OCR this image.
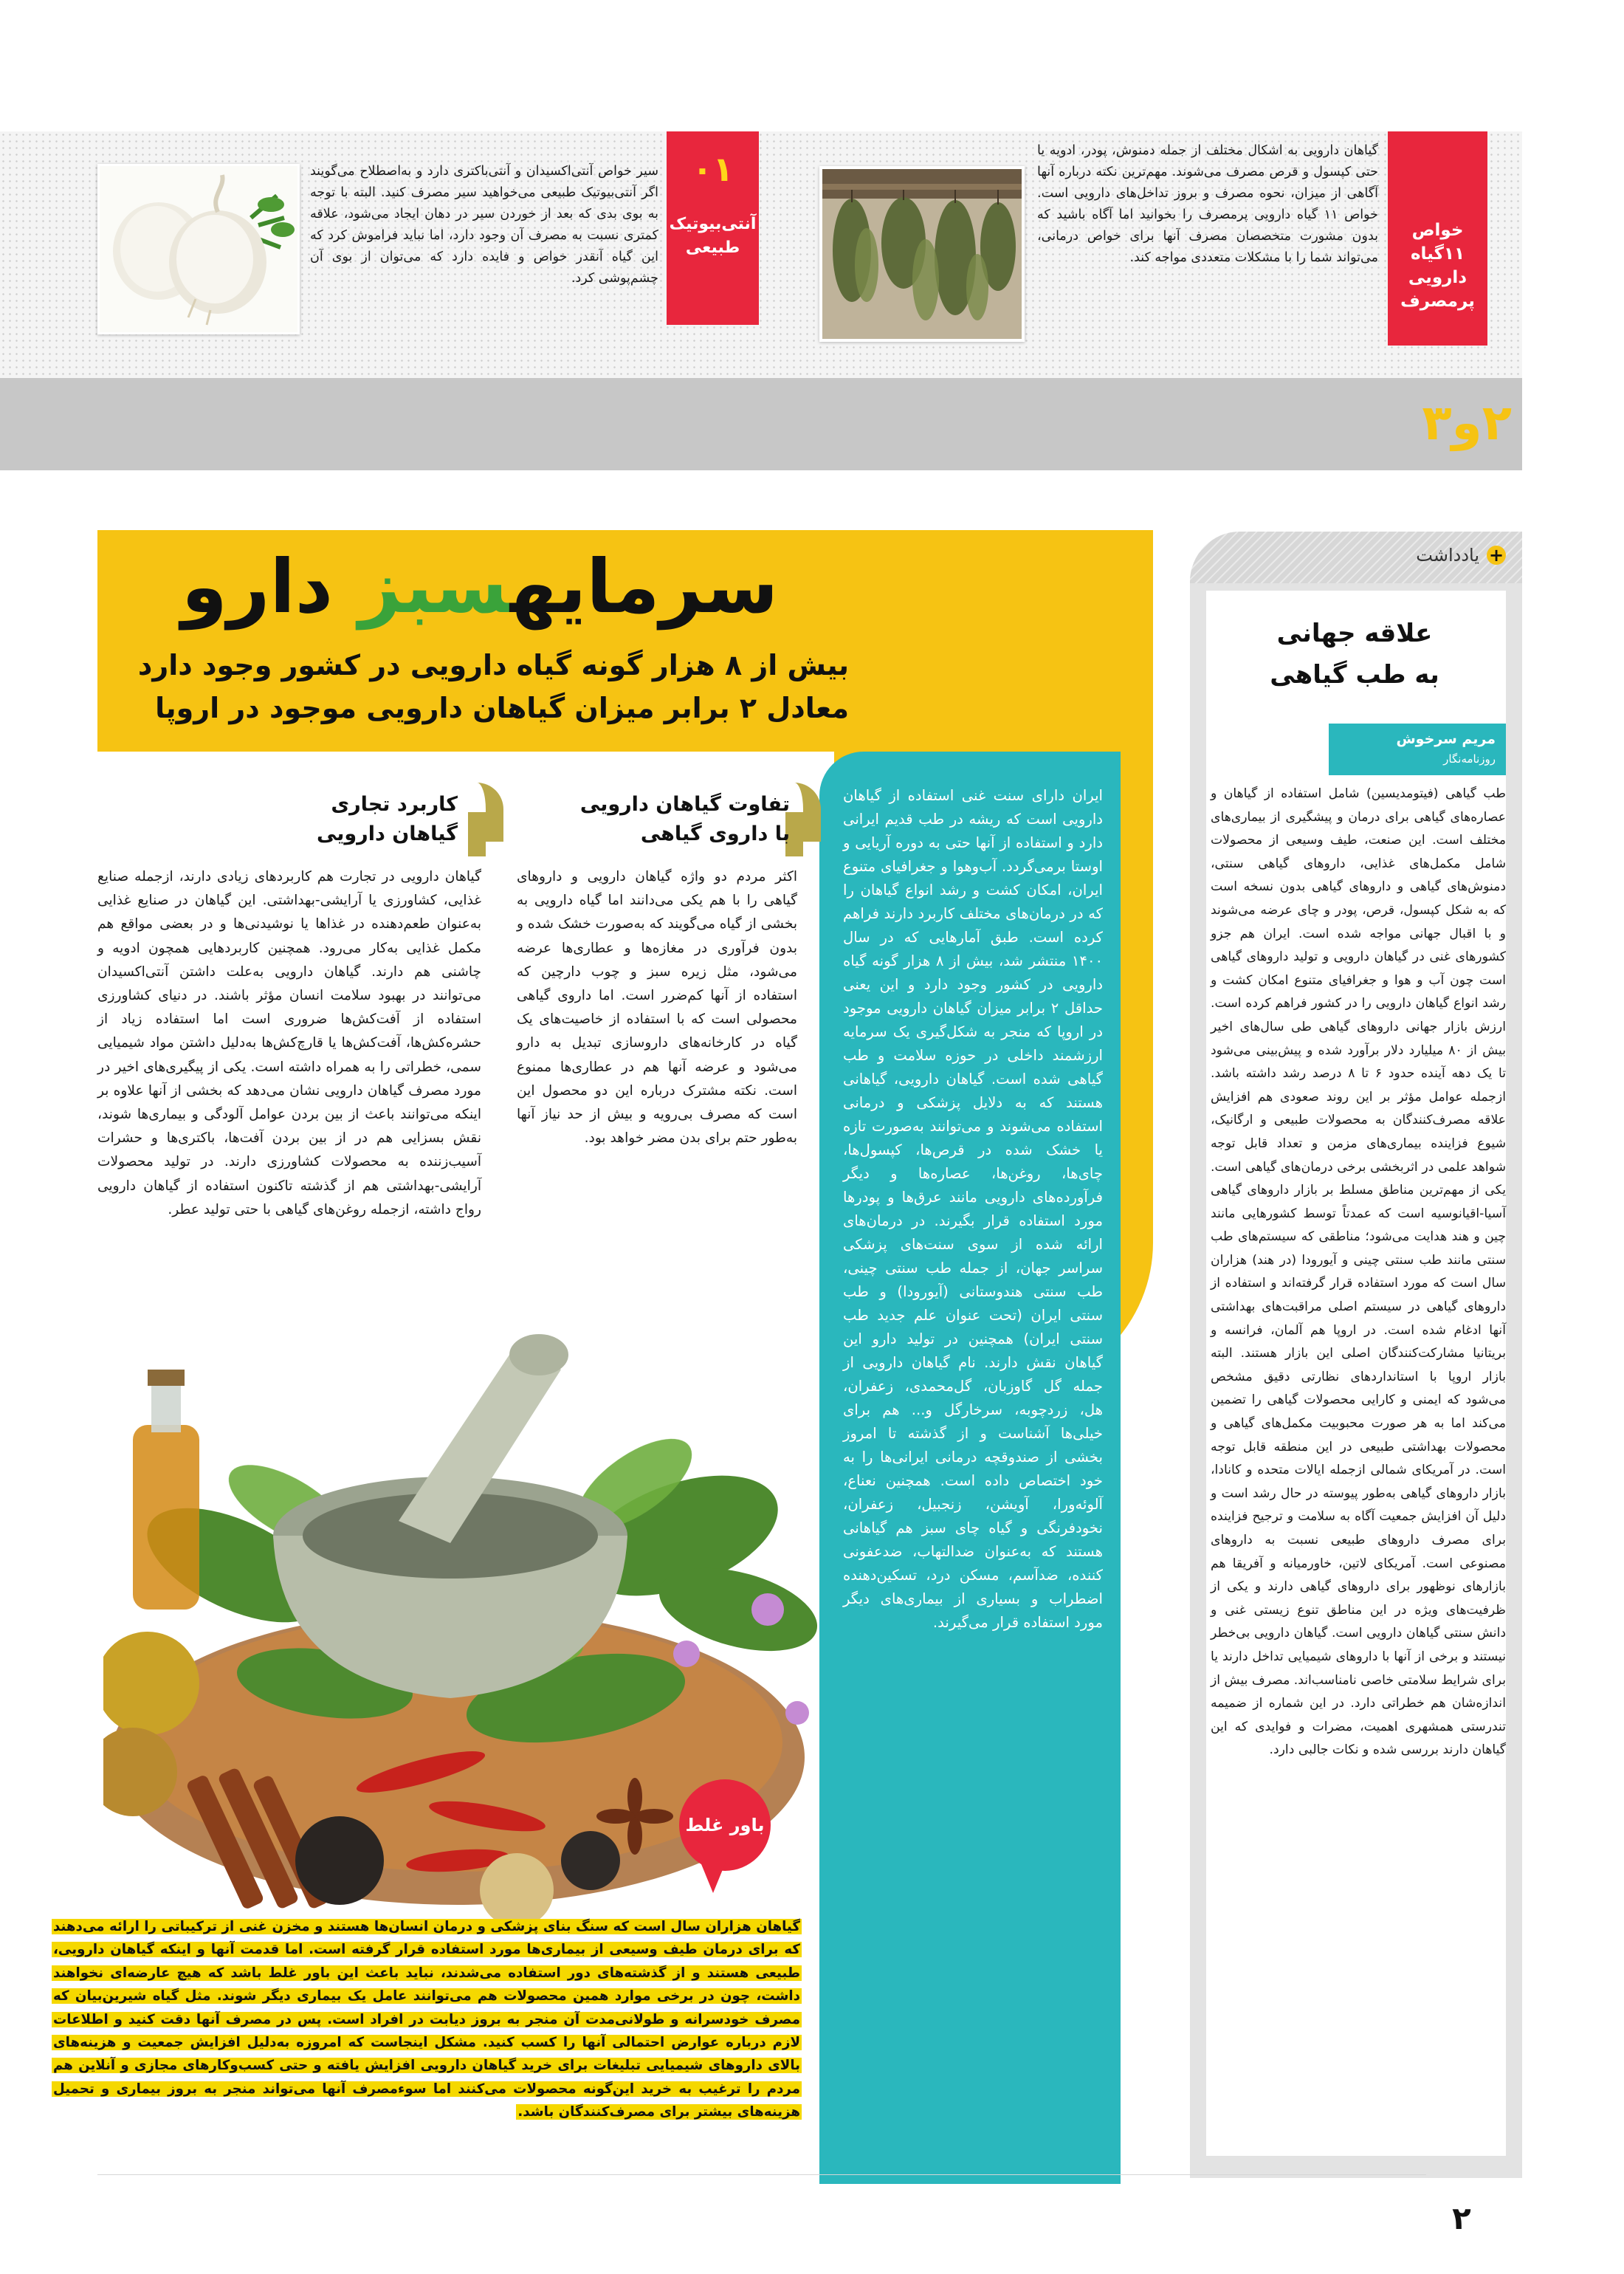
خواص
۱۱گیاه
دارویی
پرمصرف
گیاهان دارویی به اشکال مختلف از جمله دمنوش، پودر، ادویه یا حتی کپسول و قرص مصرف می‌شوند. مهم‌ترین نکته درباره آنها آگاهی از میزان، نحوه مصرف و بروز تداخل‌های دارویی است. خواص ۱۱ گیاه دارویی پرمصرف را بخوانید اما آگاه باشید که بدون مشورت متخصصان مصرف آنها برای خواص درمانی، می‌تواند شما را با مشکلات متعددی مواجه کند.
۰۱
آنتی‌بیوتیک
طبیعی
سیر خواص آنتی‌اکسیدان و آنتی‌باکتری دارد و به‌اصطلاح می‌گویند اگر آنتی‌بیوتیک طبیعی می‌خواهید سیر مصرف کنید. البته با توجه به بوی بدی که بعد از خوردن سیر در دهان ایجاد می‌شود، علاقه کمتری نسبت به مصرف آن وجود دارد، اما نباید فراموش کرد که این گیاه آنقدر خواص و فایده دارد که می‌توان از بوی آن چشم‌پوشی کرد.
۲و۳
+
یادداشت
علاقه جهانی
به طب گیاهی
مریم سرخوش
روزنامه‌نگار
طب گیاهی (فیتومدیسین) شامل استفاده از گیاهان و عصاره‌های گیاهی برای درمان و پیشگیری از بیماری‌های مختلف است. این صنعت، طیف وسیعی از محصولات شامل مکمل‌های غذایی، داروهای گیاهی سنتی، دمنوش‌های گیاهی و داروهای گیاهی بدون نسخه است که به شکل کپسول، قرص، پودر و چای عرضه می‌شوند و با اقبال جهانی مواجه شده است. ایران هم جزو کشورهای غنی در گیاهان دارویی و تولید داروهای گیاهی است چون آب و هوا و جغرافیای متنوع امکان کشت و رشد انواع گیاهان دارویی را در کشور فراهم کرده است. ارزش بازار جهانی داروهای گیاهی طی سال‌های اخیر بیش از ۸۰ میلیارد دلار برآورد شده و پیش‌بینی می‌شود تا یک دهه آینده حدود ۶ تا ۸ درصد رشد داشته باشد. ازجمله عوامل مؤثر بر این روند صعودی هم افزایش علاقه مصرف‌کنندگان به محصولات طبیعی و ارگانیک، شیوع فزاینده بیماری‌های مزمن و تعداد قابل توجه شواهد علمی در اثربخشی برخی درمان‌های گیاهی است. یکی از مهم‌ترین مناطق مسلط بر بازار داروهای گیاهی آسیا-اقیانوسیه است که عمدتاً توسط کشورهایی مانند چین و هند هدایت می‌شود؛ مناطقی که سیستم‌های طب سنتی مانند طب سنتی چینی و آیورودا (در هند) هزاران سال است که مورد استفاده قرار گرفته‌اند و استفاده از داروهای گیاهی در سیستم اصلی مراقبت‌های بهداشتی آنها ادغام شده است. در اروپا هم آلمان، فرانسه و بریتانیا مشارکت‌کنندگان اصلی این بازار هستند. البته بازار اروپا با استانداردهای نظارتی دقیق مشخص می‌شود که ایمنی و کارایی محصولات گیاهی را تضمین می‌کند اما به هر صورت محبوبیت مکمل‌های گیاهی و محصولات بهداشتی طبیعی در این منطقه قابل توجه است. در آمریکای شمالی ازجمله ایالات متحده و کانادا، بازار داروهای گیاهی به‌طور پیوسته در حال رشد است و دلیل آن افزایش جمعیت آگاه به سلامت و ترجیح فزاینده برای مصرف داروهای طبیعی نسبت به داروهای مصنوعی است. آمریکای لاتین، خاورمیانه و آفریقا هم بازارهای نوظهور برای داروهای گیاهی دارند و یکی از ظرفیت‌های ویژه در این مناطق تنوع زیستی غنی و دانش سنتی گیاهان دارویی است. گیاهان دارویی بی‌خطر نیستند و برخی از آنها با داروهای شیمیایی تداخل دارند یا برای شرایط سلامتی خاصی نامناسب‌اند. مصرف بیش از اندازه‌شان هم خطراتی دارد. در این شماره از ضمیمه تندرستی همشهری اهمیت، مضرات و فوایدی که این گیاهان دارند بررسی شده و نکات جالبی دارد.
سرمایهسبز دارو
بیش از ۸ هزار گونه گیاه دارویی در کشور وجود دارد
معادل ۲ برابر میزان گیاهان دارویی موجود در اروپا
ایران دارای سنت غنی استفاده از گیاهان دارویی است که ریشه در طب قدیم ایرانی دارد و استفاده از آنها حتی به دوره آریایی و اوستا برمی‌گردد. آب‌وهوا و جغرافیای متنوع ایران، امکان کشت و رشد انواع گیاهان را که در درمان‌های مختلف کاربرد دارند فراهم کرده است. طبق آمارهایی که در سال ۱۴۰۰ منتشر شد، بیش از ۸ هزار گونه گیاه دارویی در کشور وجود دارد و این یعنی حداقل ۲ برابر میزان گیاهان دارویی موجود در اروپا که منجر به شکل‌گیری یک سرمایه ارزشمند داخلی در حوزه سلامت و طب گیاهی شده است. گیاهان دارویی، گیاهانی هستند که به دلایل پزشکی و درمانی استفاده می‌شوند و می‌توانند به‌صورت تازه یا خشک شده در قرص‌ها، کپسول‌ها، چای‌ها، روغن‌ها، عصاره‌ها و دیگر فرآورده‌های دارویی مانند عرق‌ها و پودرها مورد استفاده قرار بگیرند. در درمان‌های ارائه شده از سوی سنت‌های پزشکی سراسر جهان، از جمله طب سنتی چینی، طب سنتی هندوستانی (آیورودا) و طب سنتی ایران (تحت عنوان علم جدید طب سنتی ایران) همچنین در تولید دارو این گیاهان نقش دارند. نام گیاهان دارویی از جمله گل گاوزبان، گل‌محمدی، زعفران، هل، زردچوبه، سرخارگل و... هم برای خیلی‌ها آشناست و از گذشته تا امروز بخشی از صندوقچه درمانی ایرانی‌ها را به خود اختصاص داده است. همچنین نعناع، آلوئه‌ورا، آویشن، زنجبیل، زعفران، نخودفرنگی و گیاه چای سبز هم گیاهانی هستند که به‌عنوان ضدالتهاب، ضدعفونی کننده، ضدآسم، مسکن درد، تسکین‌دهنده اضطراب و بسیاری از بیماری‌های دیگر مورد استفاده قرار می‌گیرند.
تفاوت گیاهان دارویی
با داروی گیاهی
اکثر مردم دو واژه گیاهان دارویی و داروهای گیاهی را با هم یکی می‌دانند اما گیاه دارویی به بخشی از گیاه می‌گویند که به‌صورت خشک شده و بدون فرآوری در مغازه‌ها و عطاری‌ها عرضه می‌شود، مثل زیره سبز و چوب دارچین که استفاده از آنها کم‌ضرر است. اما داروی گیاهی محصولی است که با استفاده از خاصیت‌های یک گیاه در کارخانه‌های داروسازی تبدیل به دارو می‌شود و عرضه آنها هم در عطاری‌ها ممنوع است. نکته مشترک درباره این دو محصول این است که مصرف بی‌رویه و بیش از حد نیاز آنها به‌طور حتم برای بدن مضر خواهد بود.
کاربرد تجاری
گیاهان دارویی
گیاهان دارویی در تجارت هم کاربردهای زیادی دارند، ازجمله صنایع غذایی، کشاورزی یا آرایشی-بهداشتی. این گیاهان در صنایع غذایی به‌عنوان طعم‌دهنده در غذاها یا نوشیدنی‌ها و در بعضی مواقع هم مکمل غذایی به‌کار می‌رود. همچنین کاربردهایی همچون ادویه و چاشنی هم دارند. گیاهان دارویی به‌علت داشتن آنتی‌اکسیدان می‌توانند در بهبود سلامت انسان مؤثر باشند. در دنیای کشاورزی استفاده از آفت‌کش‌ها ضروری است اما استفاده زیاد از حشره‌کش‌ها، آفت‌کش‌ها یا قارچ‌کش‌ها به‌دلیل داشتن مواد شیمیایی سمی، خطراتی را به همراه داشته است. یکی از پیگیری‌های اخیر در مورد مصرف گیاهان دارویی نشان می‌دهد که بخشی از آنها علاوه بر اینکه می‌توانند باعث از بین بردن عوامل آلودگی و بیماری‌ها شوند، نقش بسزایی هم در از بین بردن آفت‌ها، باکتری‌ها و حشرات آسیب‌زننده به محصولات کشاورزی دارند. در تولید محصولات آرایشی-بهداشتی هم از گذشته تاکنون استفاده از گیاهان دارویی رواج داشته، ازجمله روغن‌های گیاهی با حتی تولید عطر.
باور غلط
گیاهان هزاران سال است که سنگ بنای پزشکی و درمان انسان‌ها هستند و مخزن غنی از ترکیباتی را ارائه می‌دهند که برای درمان طیف وسیعی از بیماری‌ها مورد استفاده قرار گرفته است. اما قدمت آنها و اینکه گیاهان دارویی، طبیعی هستند و از گذشته‌های دور استفاده می‌شدند، نباید باعث این باور غلط باشد که هیچ عارضه‌ای نخواهند داشت، چون در برخی موارد همین محصولات هم می‌توانند عامل یک بیماری دیگر شوند. مثل گیاه شیرین‌بیان که مصرف خودسرانه و طولانی‌مدت آن منجر به بروز دیابت در افراد است. پس در مصرف آنها دقت کنید و اطلاعات لازم درباره عوارض احتمالی آنها را کسب کنید. مشکل اینجاست که امروزه به‌دلیل افزایش جمعیت و هزینه‌های بالای داروهای شیمیایی تبلیغات برای خرید گیاهان دارویی افزایش یافته و حتی کسب‌وکارهای مجازی و آنلاین هم مردم را ترغیب به خرید این‌گونه محصولات می‌کنند اما سوءمصرف آنها می‌تواند منجر به بروز بیماری و تحمیل هزینه‌های بیشتر برای مصرف‌کنندگان باشد.
۲
